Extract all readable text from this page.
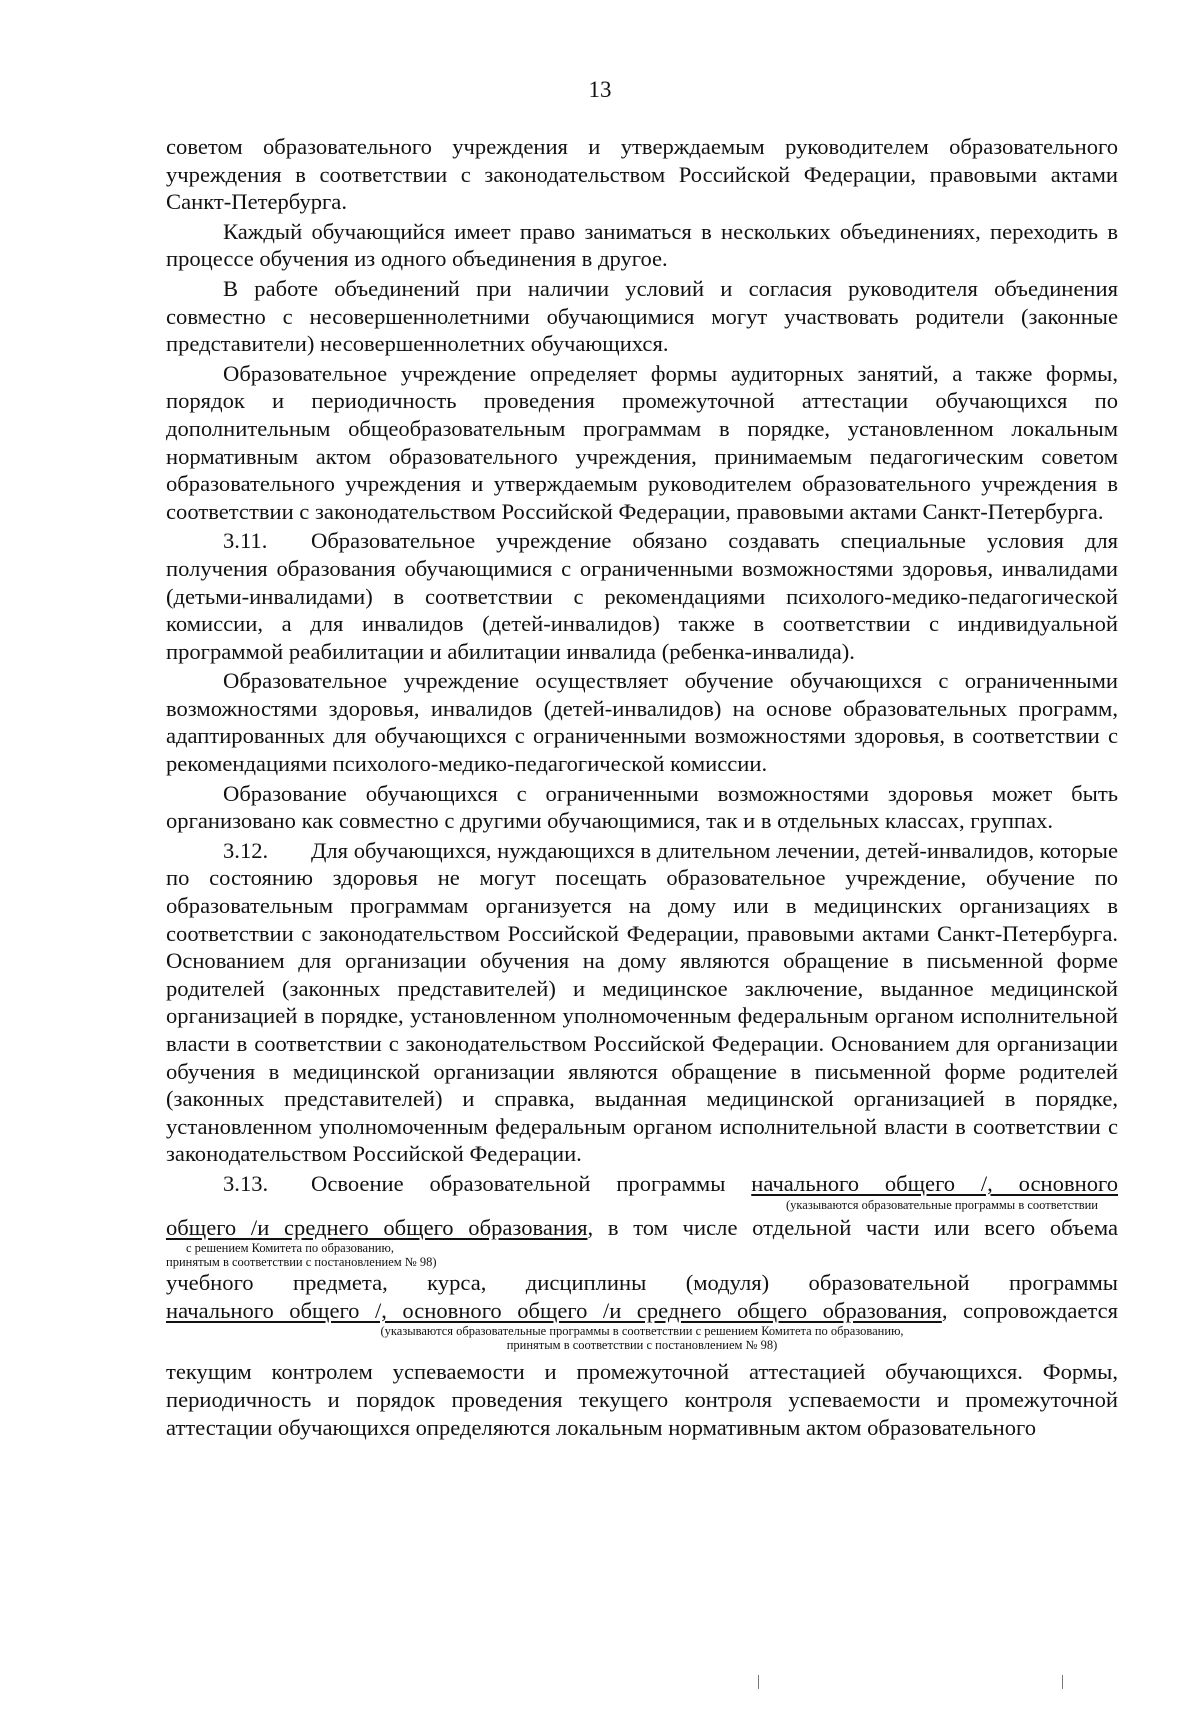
13

советом образовательного учреждения и утверждаемым руководителем образовательного учреждения в соответствии с законодательством Российской Федерации, правовыми актами Санкт-Петербурга.

Каждый обучающийся имеет право заниматься в нескольких объединениях, переходить в процессе обучения из одного объединения в другое.

В работе объединений при наличии условий и согласия руководителя объединения совместно с несовершеннолетними обучающимися могут участвовать родители (законные представители) несовершеннолетних обучающихся.

Образовательное учреждение определяет формы аудиторных занятий, а также формы, порядок и периодичность проведения промежуточной аттестации обучающихся по дополнительным общеобразовательным программам в порядке, установленном локальным нормативным актом образовательного учреждения, принимаемым педагогическим советом образовательного учреждения и утверждаемым руководителем образовательного учреждения в соответствии с законодательством Российской Федерации, правовыми актами Санкт-Петербурга.

3.11. Образовательное учреждение обязано создавать специальные условия для получения образования обучающимися с ограниченными возможностями здоровья, инвалидами (детьми-инвалидами) в соответствии с рекомендациями психолого-медико-педагогической комиссии, а для инвалидов (детей-инвалидов) также в соответствии с индивидуальной программой реабилитации и абилитации инвалида (ребенка-инвалида).

Образовательное учреждение осуществляет обучение обучающихся с ограниченными возможностями здоровья, инвалидов (детей-инвалидов) на основе образовательных программ, адаптированных для обучающихся с ограниченными возможностями здоровья, в соответствии с рекомендациями психолого-медико-педагогической комиссии.

Образование обучающихся с ограниченными возможностями здоровья может быть организовано как совместно с другими обучающимися, так и в отдельных классах, группах.

3.12. Для обучающихся, нуждающихся в длительном лечении, детей-инвалидов, которые по состоянию здоровья не могут посещать образовательное учреждение, обучение по образовательным программам организуется на дому или в медицинских организациях в соответствии с законодательством Российской Федерации, правовыми актами Санкт-Петербурга. Основанием для организации обучения на дому являются обращение в письменной форме родителей (законных представителей) и медицинское заключение, выданное медицинской организацией в порядке, установленном уполномоченным федеральным органом исполнительной власти в соответствии с законодательством Российской Федерации. Основанием для организации обучения в медицинской организации являются обращение в письменной форме родителей (законных представителей) и справка, выданная медицинской организацией в порядке, установленном уполномоченным федеральным органом исполнительной власти в соответствии с законодательством Российской Федерации.

3.13. Освоение образовательной программы начального общего /, основного

(указываются образовательные программы в соответствии

общего /и среднего общего образования, в том числе отдельной части или всего объема

с решением Комитета по образованию,

принятым в соответствии с постановлением № 98)

учебного предмета, курса, дисциплины (модуля) образовательной программы

начального общего /, основного общего /и среднего общего образования, сопровождается

(указываются образовательные программы в соответствии с решением Комитета по образованию,

принятым в соответствии с постановлением № 98)

текущим контролем успеваемости и промежуточной аттестацией обучающихся. Формы, периодичность и порядок проведения текущего контроля успеваемости и промежуточной аттестации обучающихся определяются локальным нормативным актом образовательного
